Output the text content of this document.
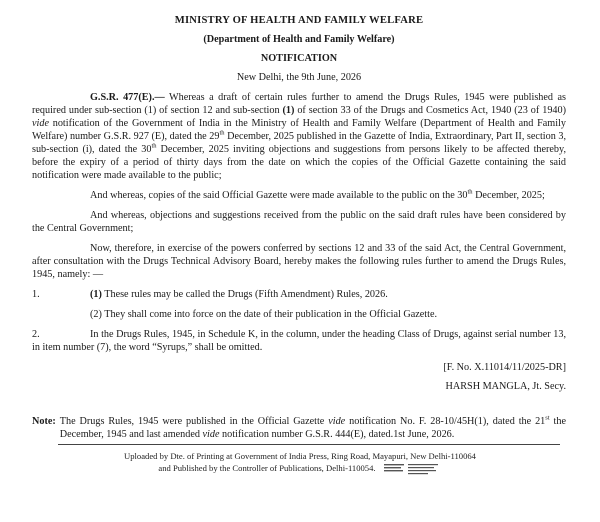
MINISTRY OF HEALTH AND FAMILY WELFARE
(Department of Health and Family Welfare)
NOTIFICATION
New Delhi, the 9th June, 2026

G.S.R. 477(E).— Whereas a draft of certain rules further to amend the Drugs Rules, 1945 were published as required under sub-section (1) of section 12 and sub-section (1) of section 33 of the Drugs and Cosmetics Act, 1940 (23 of 1940) vide notification of the Government of India in the Ministry of Health and Family Welfare (Department of Health and Family Welfare) number G.S.R. 927 (E), dated the 29th December, 2025 published in the Gazette of India, Extraordinary, Part II, section 3, sub-section (i), dated the 30th December, 2025 inviting objections and suggestions from persons likely to be affected thereby, before the expiry of a period of thirty days from the date on which the copies of the Official Gazette containing the said notification were made available to the public;

And whereas, copies of the said Official Gazette were made available to the public on the 30th December, 2025;

And whereas, objections and suggestions received from the public on the said draft rules have been considered by the Central Government;

Now, therefore, in exercise of the powers conferred by sections 12 and 33 of the said Act, the Central Government, after consultation with the Drugs Technical Advisory Board, hereby makes the following rules further to amend the Drugs Rules, 1945, namely: —

1.	(1) These rules may be called the Drugs (Fifth Amendment) Rules, 2026.

(2) They shall come into force on the date of their publication in the Official Gazette.

2.	In the Drugs Rules, 1945, in Schedule K, in the column, under the heading Class of Drugs, against serial number 13, in item number (7), the word “Syrups,” shall be omitted.

[F. No. X.11014/11/2025-DR]
HARSH MANGLA, Jt. Secy.
Note: The Drugs Rules, 1945 were published in the Official Gazette vide notification No. F. 28-10/45H(1), dated the 21st the December, 1945 and last amended vide notification number G.S.R. 444(E), dated.1st June, 2026.
Uploaded by Dte. of Printing at Government of India Press, Ring Road, Mayapuri, New Delhi-110064
and Published by the Controller of Publications, Delhi-110054.
